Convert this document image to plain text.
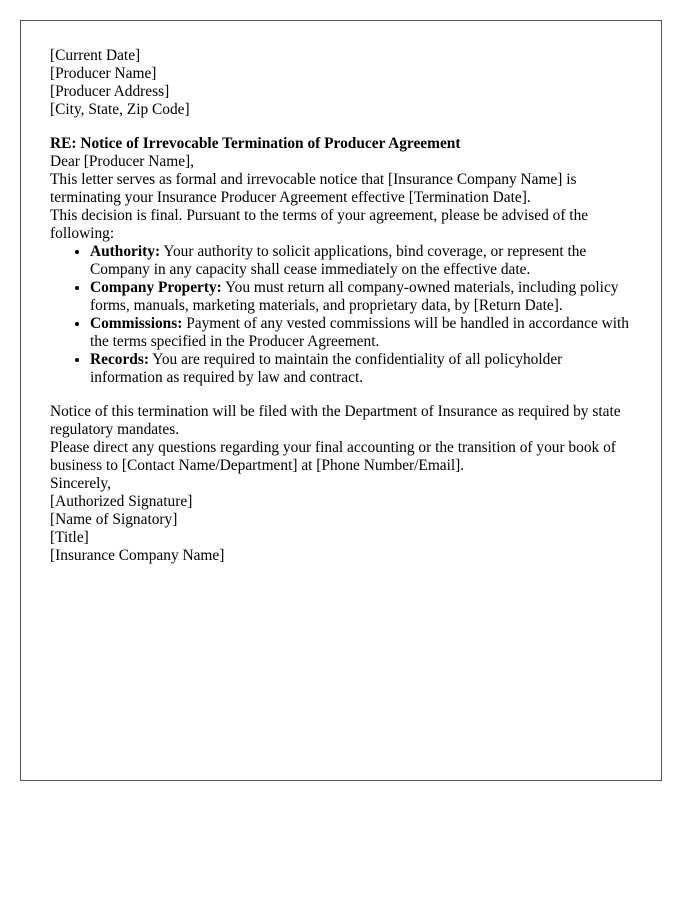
[Current Date]

[Producer Name]
[Producer Address]
[City, State, Zip Code]

RE: Notice of Irrevocable Termination of Producer Agreement

Dear [Producer Name],

This letter serves as formal and irrevocable notice that [Insurance Company Name] is terminating your Insurance Producer Agreement effective [Termination Date].

This decision is final. Pursuant to the terms of your agreement, please be advised of the following:

• Authority: Your authority to solicit applications, bind coverage, or represent the Company in any capacity shall cease immediately on the effective date.
• Company Property: You must return all company-owned materials, including policy forms, manuals, marketing materials, and proprietary data, by [Return Date].
• Commissions: Payment of any vested commissions will be handled in accordance with the terms specified in the Producer Agreement.
• Records: You are required to maintain the confidentiality of all policyholder information as required by law and contract.

Notice of this termination will be filed with the Department of Insurance as required by state regulatory mandates.

Please direct any questions regarding your final accounting or the transition of your book of business to [Contact Name/Department] at [Phone Number/Email].

Sincerely,

[Authorized Signature]
[Name of Signatory]
[Title]
[Insurance Company Name]
